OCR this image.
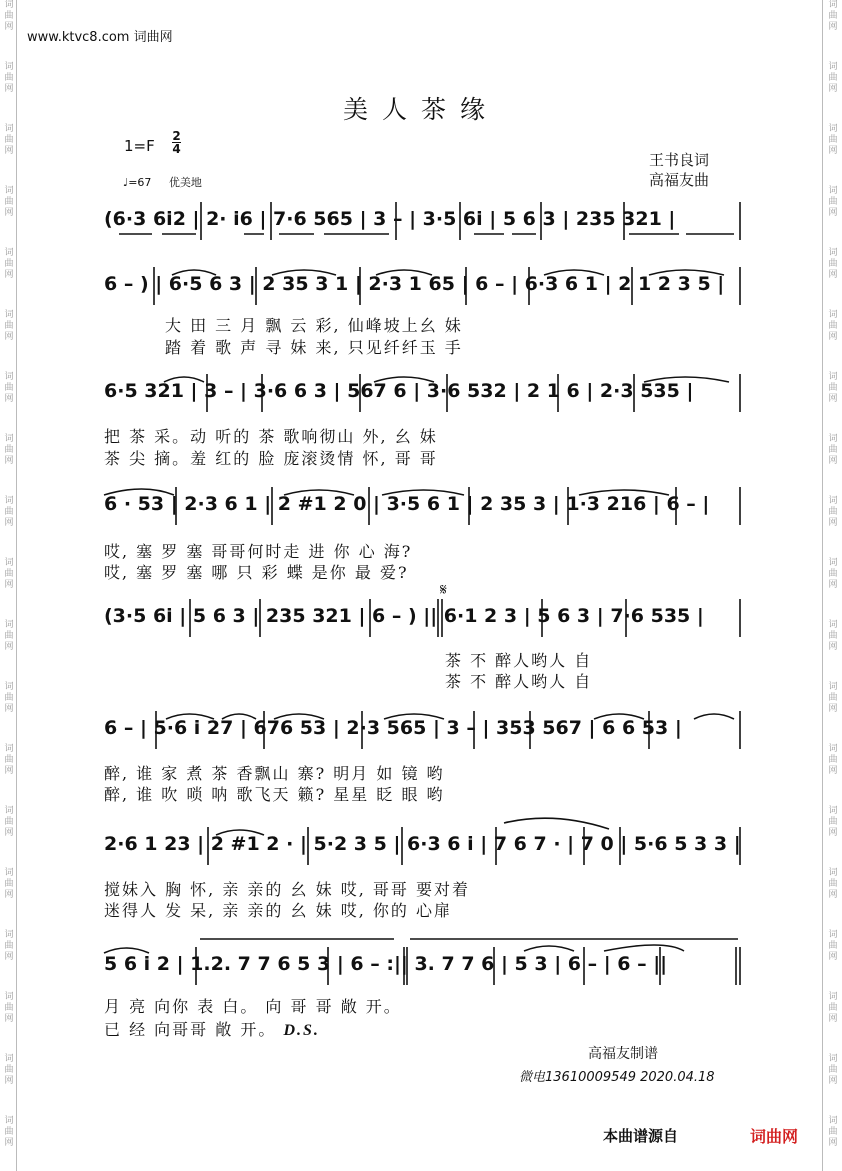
词
曲
网
词
曲
网
词
曲
网
词
曲
网
词
曲
网
词
曲
网
词
曲
网
词
曲
网
词
曲
网
词
曲
网
词
曲
网
词
曲
网
词
曲
网
词
曲
网
词
曲
网
词
曲
网
词
曲
网
词
曲
网
词
曲
网
词
曲
网
词
曲
网
词
曲
网
词
曲
网
词
曲
网
词
曲
网
词
曲
网
词
曲
网
词
曲
网
词
曲
网
词
曲
网
词
曲
网
词
曲
网
词
曲
网
词
曲
网
词
曲
网
词
曲
网
词
曲
网
词
曲
网
www.ktvc8.com 词曲网
美人茶缘
1=F
2
4
♩=67 优美地
王书良词
高福友曲
(6·3 6i2 | 2· i6 | 7·6 565 | 3 – | 3·5 6i | 5 6 3 | 235 321 |
6 – ) | 6·5 6 3 | 2 35 3 1 | 2·3 1 65 | 6 – | 6·3 6 1 | 2 1 2 3 5 |
大 田 三 月 飘 云 彩, 仙峰坡上幺 妹
踏 着 歌 声 寻 妹 来, 只见纤纤玉 手
6·5 321 | 3 – | 3·6 6 3 | 567 6 | 3·6 532 | 2 1 6 | 2·3 535 |
把 茶 采。动 听的 茶 歌响彻山 外, 幺 妹
茶 尖 摘。羞 红的 脸 庞滚烫情 怀, 哥 哥
6 · 53 | 2·3 6 1 | 2 #1 2 0 | 3·5 6 1 | 2 35 3 | 1·3 216 | 6 – |
哎, 塞 罗 塞 哥哥何时走 进 你 心 海?
哎, 塞 罗 塞 哪 只 彩 蝶 是你 最 爱?
𝄋
(3·5 6i | 5 6 3 | 235 321 | 6 – ) || 6·1 2 3 | 5 6 3 | 7·6 535 |
茶 不 醉人哟人 自
茶 不 醉人哟人 自
6 – | 5·6 i 27 | 676 53 | 2·3 565 | 3 – | 353 567 | 6 6 53 |
醉, 谁 家 煮 茶 香飘山 寨? 明月 如 镜 哟
醉, 谁 吹 唢 呐 歌飞天 籁? 星星 眨 眼 哟
2·6 1 23 | 2 #1 2 · | 5·2 3 5 | 6·3 6 i | 7 6 7 · | 7 0 | 5·6 5 3 3 |
搅妹入 胸 怀, 亲 亲的 幺 妹 哎, 哥哥 要对着
迷得人 发 呆, 亲 亲的 幺 妹 哎, 你的 心扉
5 6 i 2 | 1.2. 7 7 6 5 3 | 6 – :|| 3. 7 7 6 | 5 3 | 6 – | 6 – ||
月 亮 向你 表 白。 向 哥 哥 敞 开。
已 经 向哥哥 敞 开。 D.S.
高福友制谱
微电13610009549 2020.04.18
本曲谱源自	词曲网
